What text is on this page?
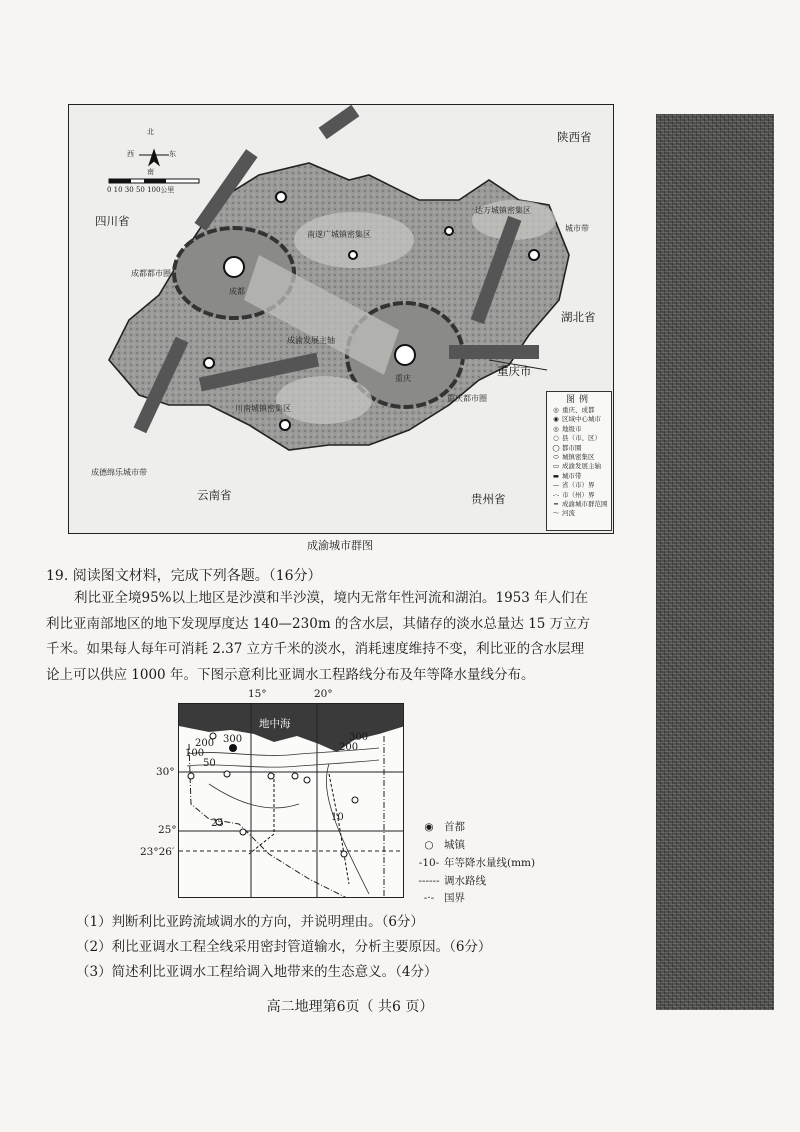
北
西	东
南
0 10 30 50 100公里
四川省
陕西省
湖北省
重庆市
云南省	贵州省
成都都市圈
成都
重庆
南遂广城镇密集区
达万城镇密集区
川南城镇密集区
成渝发展主轴
重庆都市圈
成德绵乐城市带
城市带
图例
◎ 重庆、成都
◉ 区域中心城市
◎ 地级市
○ 县（市、区）
◯ 都市圈
⬭ 城镇密集区
▭ 成渝发展主轴
▬ 城市带
— 省（市）界
-·- 市（州）界
━ 成渝城市群范围
〜 河流
成渝城市群图
19. 阅读图文材料，完成下列各题。（16分）

利比亚全境95%以上地区是沙漠和半沙漠，境内无常年性河流和湖泊。1953 年人们在

利比亚南部地区的地下发现厚度达 140—230m 的含水层，其储存的淡水总量达 15 万立方

千米。如果每人每年可消耗 2.37 立方千米的淡水，消耗速度维持不变，利比亚的含水层理

论上可以供应 1000 年。下图示意利比亚调水工程路线分布及年等降水量线分布。

15°	20°
30°
25°
23°26′
地中海
300
200
100
50
300
200
25
10
◉ 首都
○ 城镇
-10- 年等降水量线(mm)
------ 调水路线
-·- 国界
（1）判断利比亚跨流域调水的方向，并说明理由。（6分）
（2）利比亚调水工程全线采用密封管道输水，分析主要原因。（6分）
（3）简述利比亚调水工程给调入地带来的生态意义。（4分）
高二地理第6页（ 共6 页）
